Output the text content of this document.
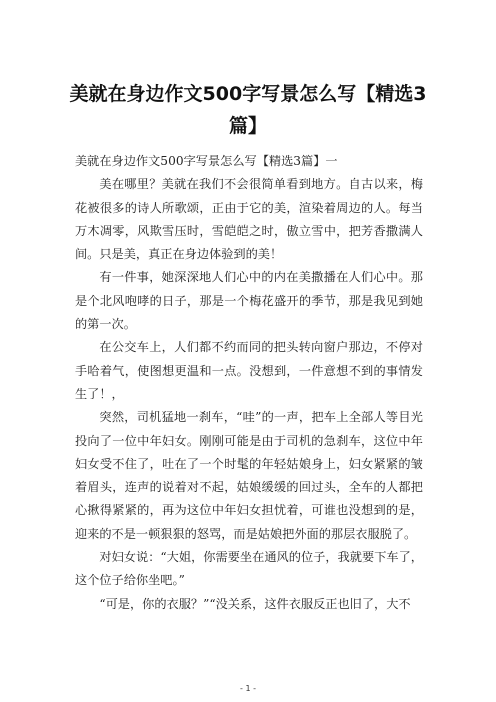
美就在身边作文500字写景怎么写【精选3篇】

美就在身边作文500字写景怎么写【精选3篇】一

美在哪里？美就在我们不会很简单看到地方。自古以来，梅花被很多的诗人所歌颂，正由于它的美，渲染着周边的人。每当万木凋零，风欺雪压时，雪皑皑之时，傲立雪中，把芳香撒满人间。只是美，真正在身边体验到的美！

有一件事，她深深地人们心中的内在美撒播在人们心中。那是个北风咆哮的日子，那是一个梅花盛开的季节，那是我见到她的第一次。

在公交车上，人们都不约而同的把头转向窗户那边，不停对手哈着气，使图想更温和一点。没想到，一件意想不到的事情发生了！，

突然，司机猛地一刹车，“哇”的一声，把车上全部人等目光投向了一位中年妇女。刚刚可能是由于司机的急刹车，这位中年妇女受不住了，吐在了一个时髦的年轻姑娘身上，妇女紧紧的皱着眉头，连声的说着对不起，姑娘缓缓的回过头，全车的人都把心揪得紧紧的，再为这位中年妇女担忧着，可谁也没想到的是，迎来的不是一顿狠狠的怒骂，而是姑娘把外面的那层衣服脱了。

对妇女说：“大姐，你需要坐在通风的位子，我就要下车了，这个位子给你坐吧。”

“可是，你的衣服？”“没关系，这件衣服反正也旧了，大不

- 1 -
